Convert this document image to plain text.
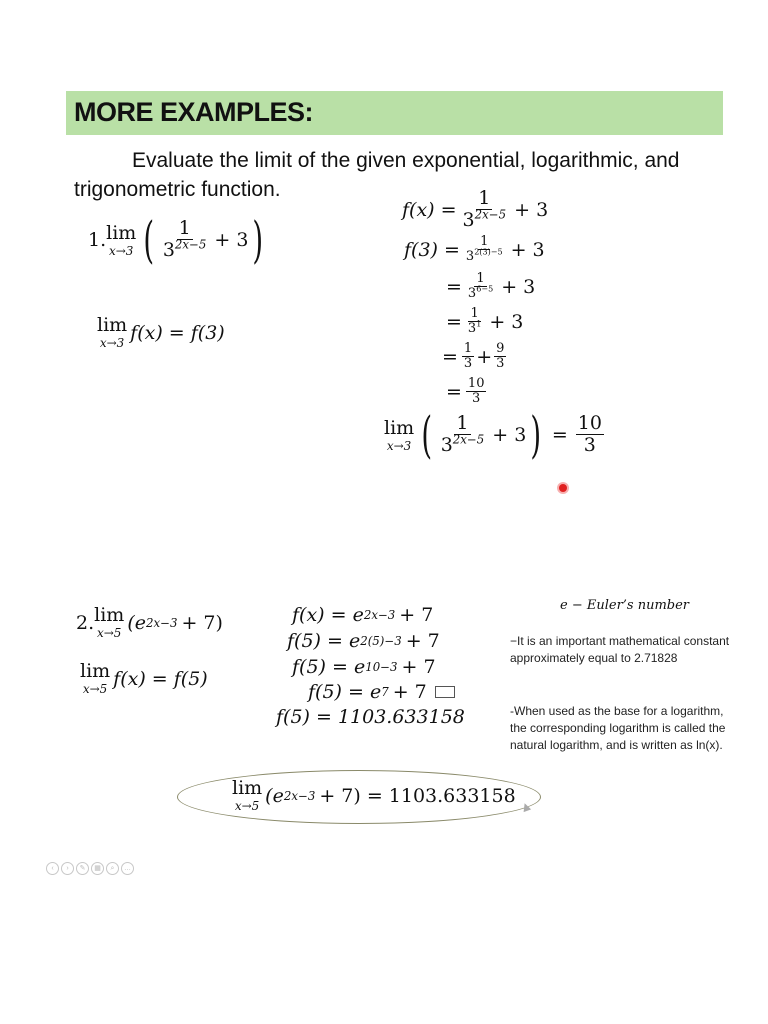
MORE EXAMPLES:
Evaluate the limit of the given exponential, logarithmic, and trigonometric function.
1. lim
x→3 ( $\frac{1}{3^{2x-5}} + 3$ )
lim
x→3 f(x) = f(3)
$f(x) = \frac{1}{3^{2x-5}} + 3$
$f(3) = \frac{1}{3^{2(3)-5}} + 3$
= $\frac{1}{3^{6-5}} + 3$
= $\frac{1}{3^1} + 3$
= $\frac{1}{3} + \frac{9}{3}$
= $\frac{10}{3}$
lim
x→3 ( $\frac{1}{3^{2x-5}} + 3$ ) = $\frac{10}{3}$
2. lim
x→5 (e 2x−3 + 7)
lim
x→5 f(x) = f(5)
f(x) = e 2x−3 + 7
f(5) = e 2(5)−3 + 7
f(5) = e 10−3 + 7
f(5) = e 7 + 7
f(5) = 1103.633158
e − Euler’s number
−It is an important mathematical constant approximately equal to 2.71828
-When used as the base for a logarithm, the corresponding logarithm is called the natural logarithm, and is written as ln(x).
lim
x→5 (e 2x−3 + 7) = 1103.633158
‹	›	✎	▦	⌕	…
